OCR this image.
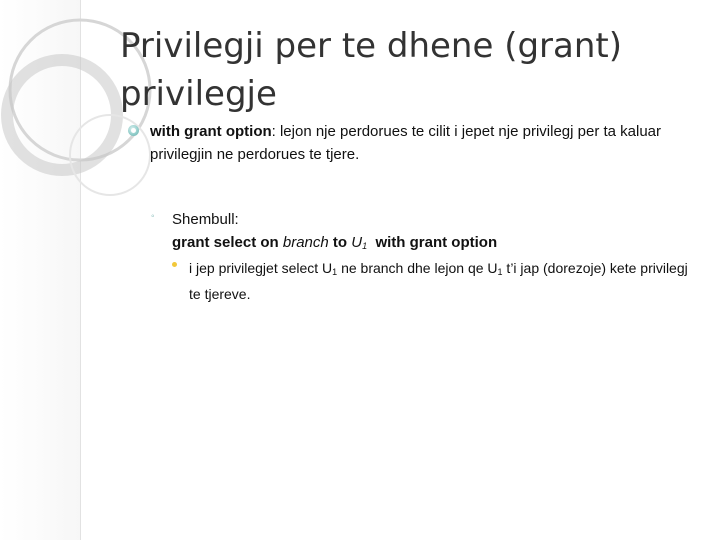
Privilegji per te dhene (grant)
privilegje
with grant option: lejon nje perdorues te cilit i jepet nje privilegj per ta kaluar privilegjin ne perdorues te tjere.
◦ Shembull:

grant select on branch to $U_1$ with grant option

i jep privilegjet select $U_1$ ne branch dhe lejon qe $U_1$ t’i jap (dorezoje) kete privilegj te tjereve.
